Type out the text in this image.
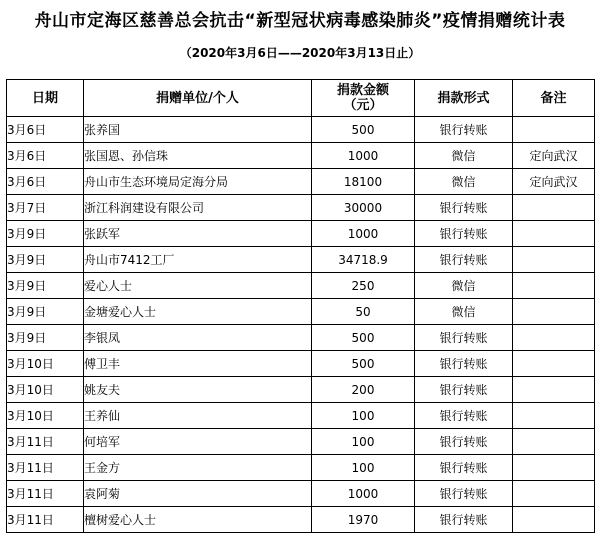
舟山市定海区慈善总会抗击“新型冠状病毒感染肺炎”疫情捐赠统计表
（2020年3月6日——2020年3月13日止）
日期	捐赠单位/个人	捐款金额（元）	捐款形式	备注
3月6日	张养国	500	银行转账	
3月6日	张国恩、孙信珠	1000	微信	定向武汉
3月6日	舟山市生态环境局定海分局	18100	微信	定向武汉
3月7日	浙江科润建设有限公司	30000	银行转账	
3月9日	张跃军	1000	银行转账	
3月9日	舟山市7412工厂	34718.9	银行转账	
3月9日	爱心人士	250	微信	
3月9日	金塘爱心人士	50	微信	
3月9日	李银凤	500	银行转账	
3月10日	傅卫丰	500	银行转账	
3月10日	姚友夫	200	银行转账	
3月10日	王养仙	100	银行转账	
3月11日	何培军	100	银行转账	
3月11日	王金方	100	银行转账	
3月11日	袁阿菊	1000	银行转账	
3月11日	檀树爱心人士	1970	银行转账	
